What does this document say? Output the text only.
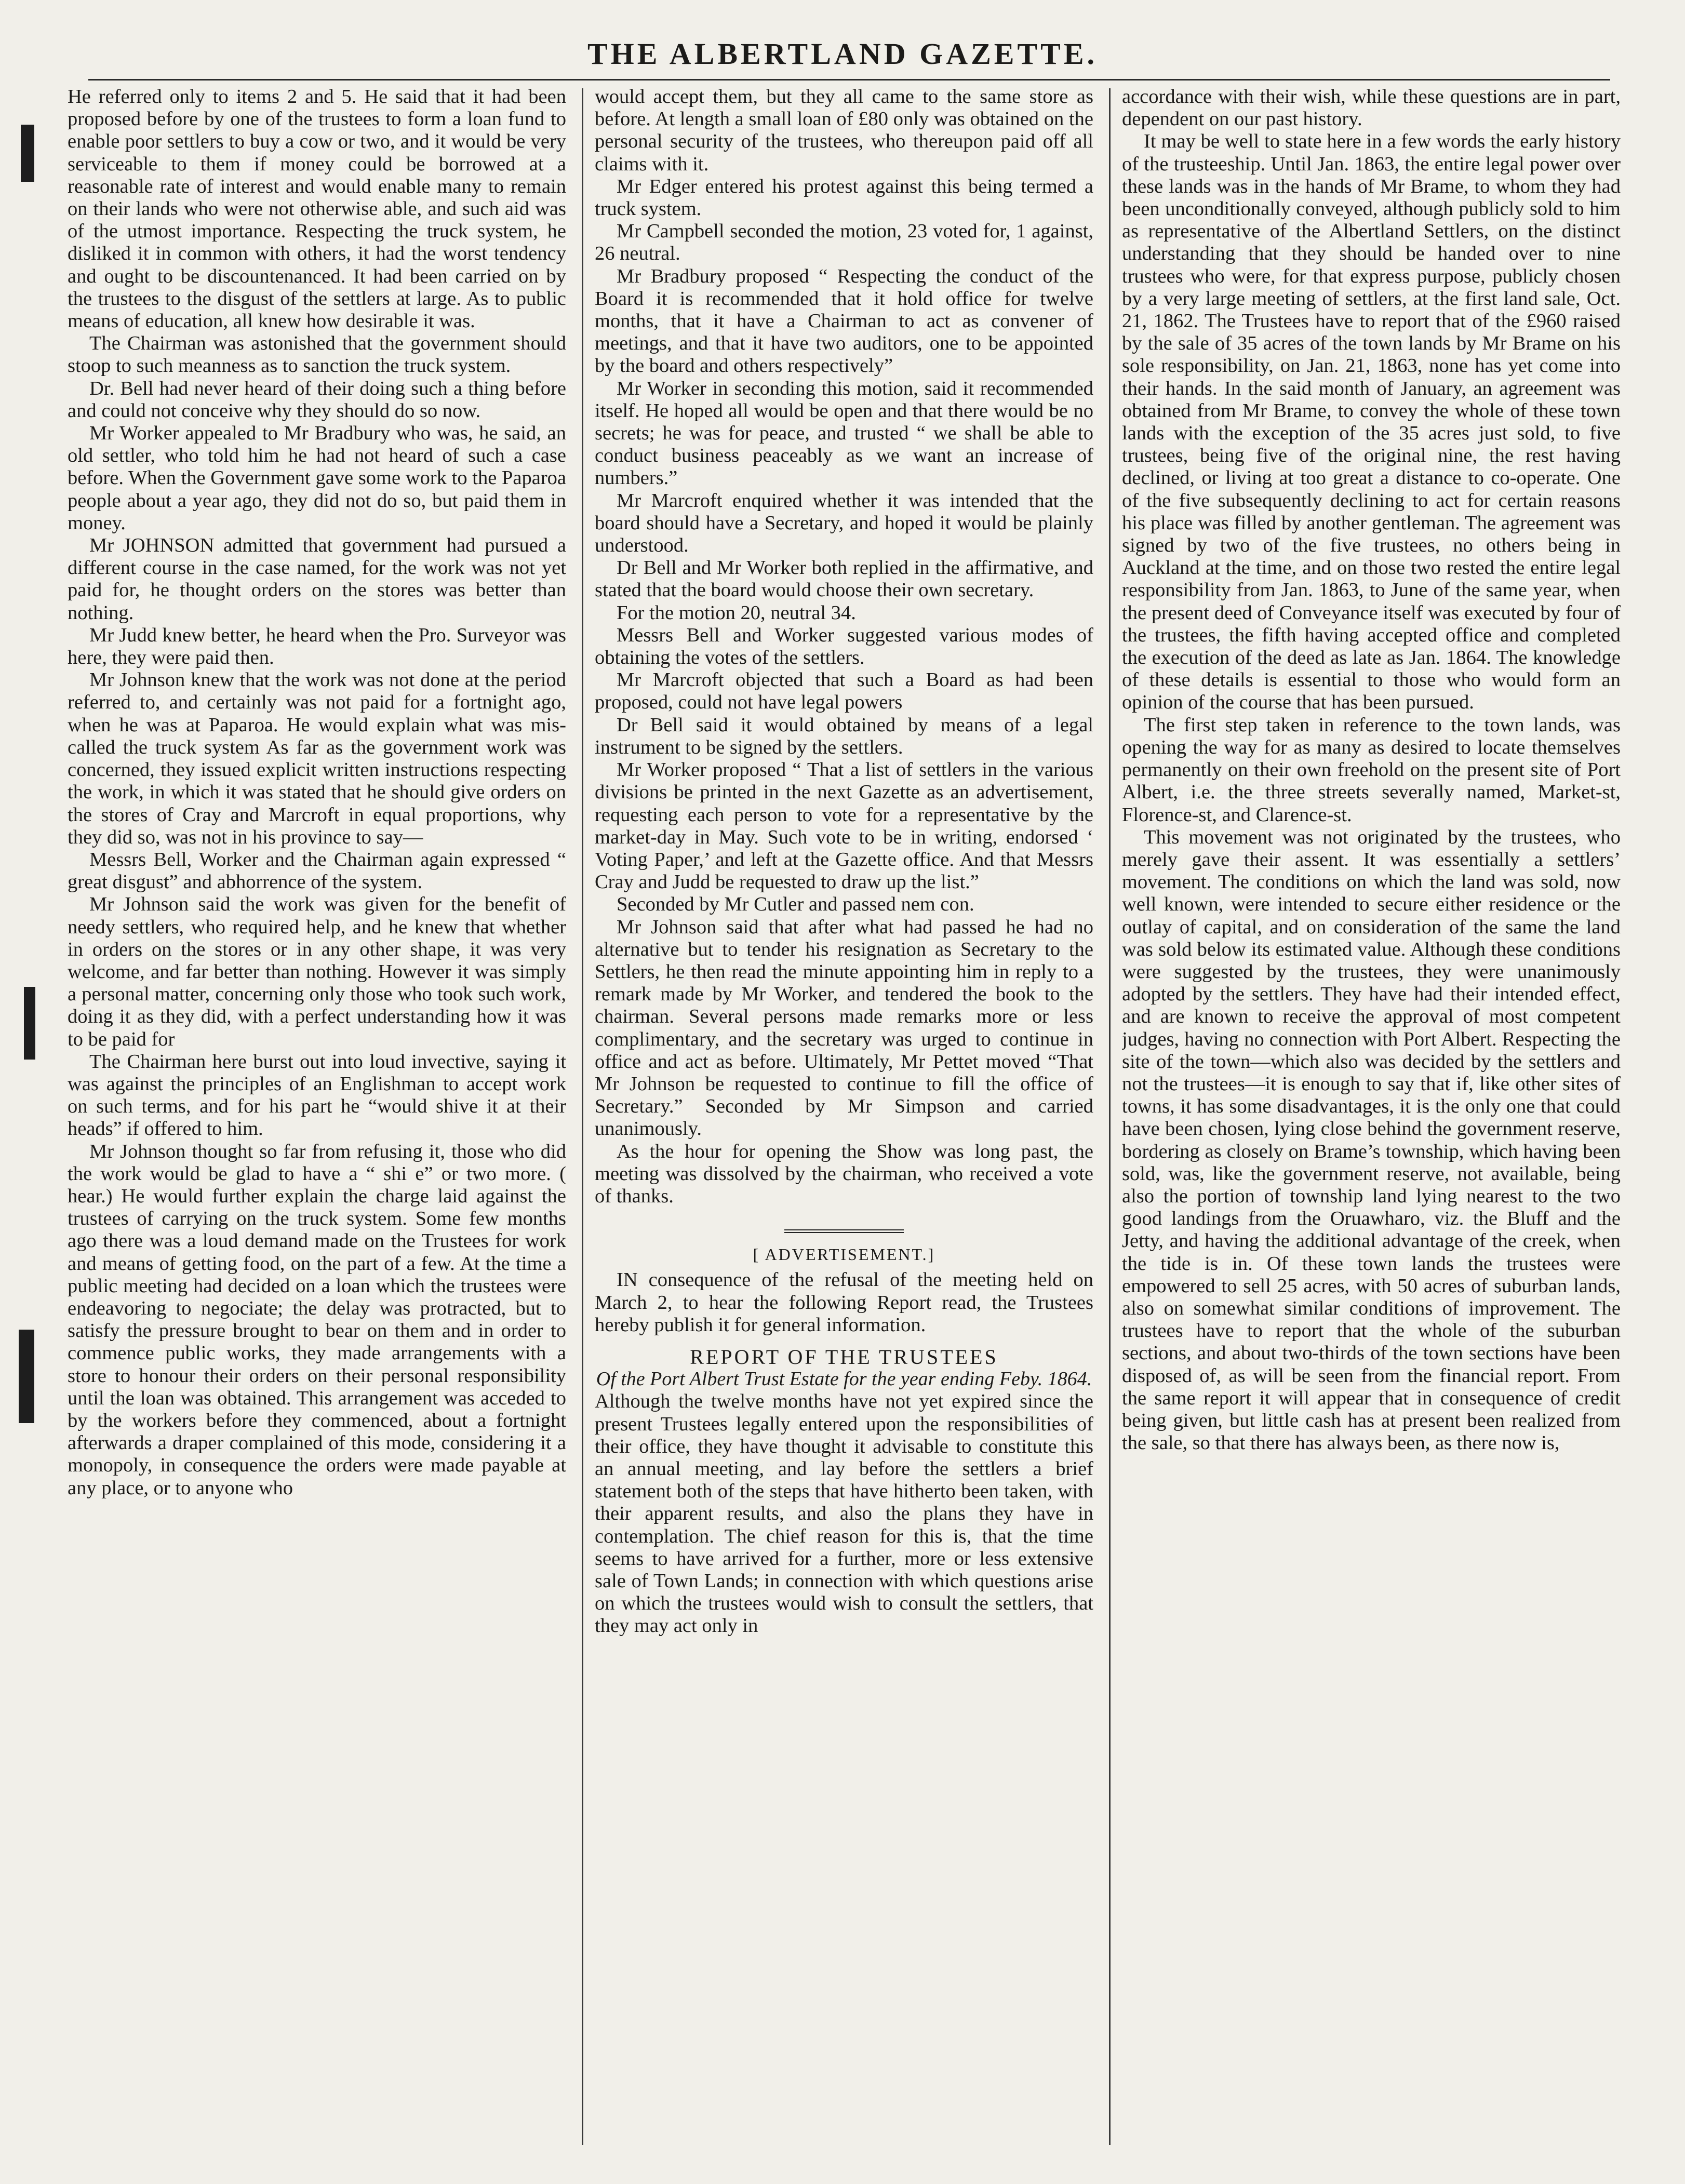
THE ALBERTLAND GAZETTE.

He referred only to items 2 and 5. He said that it had been proposed before by one of the trustees to form a loan fund to enable poor settlers to buy a cow or two, and it would be very serviceable to them if money could be borrowed at a reasonable rate of interest and would enable many to remain on their lands who were not otherwise able, and such aid was of the utmost importance. Respecting the truck system, he disliked it in common with others, it had the worst tendency and ought to be discountenanced. It had been carried on by the trustees to the disgust of the settlers at large. As to public means of education, all knew how desirable it was.

The Chairman was astonished that the government should stoop to such meanness as to sanction the truck system.

Dr. Bell had never heard of their doing such a thing before and could not conceive why they should do so now.

Mr Worker appealed to Mr Bradbury who was, he said, an old settler, who told him he had not heard of such a case before. When the Government gave some work to the Paparoa people about a year ago, they did not do so, but paid them in money.

Mr JOHNSON admitted that government had pursued a different course in the case named, for the work was not yet paid for, he thought orders on the stores was better than nothing.

Mr Judd knew better, he heard when the Pro. Surveyor was here, they were paid then.

Mr Johnson knew that the work was not done at the period referred to, and certainly was not paid for a fortnight ago, when he was at Paparoa. He would explain what was mis-called the truck system As far as the government work was concerned, they issued explicit written instructions respecting the work, in which it was stated that he should give orders on the stores of Cray and Marcroft in equal proportions, why they did so, was not in his province to say—

Messrs Bell, Worker and the Chairman again expressed “ great disgust” and abhorrence of the system.

Mr Johnson said the work was given for the benefit of needy settlers, who required help, and he knew that whether in orders on the stores or in any other shape, it was very welcome, and far better than nothing. However it was simply a personal matter, concerning only those who took such work, doing it as they did, with a perfect understanding how it was to be paid for

The Chairman here burst out into loud invective, saying it was against the principles of an Englishman to accept work on such terms, and for his part he “would shive it at their heads” if offered to him.

Mr Johnson thought so far from refusing it, those who did the work would be glad to have a “ shi e” or two more. ( hear.) He would further explain the charge laid against the trustees of carrying on the truck system. Some few months ago there was a loud demand made on the Trustees for work and means of getting food, on the part of a few. At the time a public meeting had decided on a loan which the trustees were endeavoring to negociate; the delay was protracted, but to satisfy the pressure brought to bear on them and in order to commence public works, they made arrangements with a store to honour their orders on their personal responsibility until the loan was obtained. This arrangement was acceded to by the workers before they commenced, about a fortnight afterwards a draper complained of this mode, considering it a monopoly, in consequence the orders were made payable at any place, or to anyone who

would accept them, but they all came to the same store as before. At length a small loan of £80 only was obtained on the personal security of the trustees, who thereupon paid off all claims with it.

Mr Edger entered his protest against this being termed a truck system.

Mr Campbell seconded the motion, 23 voted for, 1 against, 26 neutral.

Mr Bradbury proposed “ Respecting the conduct of the Board it is recommended that it hold office for twelve months, that it have a Chairman to act as convener of meetings, and that it have two auditors, one to be appointed by the board and others respectively”

Mr Worker in seconding this motion, said it recommended itself. He hoped all would be open and that there would be no secrets; he was for peace, and trusted “ we shall be able to conduct business peaceably as we want an increase of numbers.”

Mr Marcroft enquired whether it was intended that the board should have a Secretary, and hoped it would be plainly understood.

Dr Bell and Mr Worker both replied in the affirmative, and stated that the board would choose their own secretary.

For the motion 20, neutral 34.

Messrs Bell and Worker suggested various modes of obtaining the votes of the settlers.

Mr Marcroft objected that such a Board as had been proposed, could not have legal powers

Dr Bell said it would obtained by means of a legal instrument to be signed by the settlers.

Mr Worker proposed “ That a list of settlers in the various divisions be printed in the next Gazette as an advertisement, requesting each person to vote for a representative by the market-day in May. Such vote to be in writing, endorsed ‘ Voting Paper,’ and left at the Gazette office. And that Messrs Cray and Judd be requested to draw up the list.”

Seconded by Mr Cutler and passed nem con.

Mr Johnson said that after what had passed he had no alternative but to tender his resignation as Secretary to the Settlers, he then read the minute appointing him in reply to a remark made by Mr Worker, and tendered the book to the chairman. Several persons made remarks more or less complimentary, and the secretary was urged to continue in office and act as before. Ultimately, Mr Pettet moved “That Mr Johnson be requested to continue to fill the office of Secretary.” Seconded by Mr Simpson and carried unanimously.

As the hour for opening the Show was long past, the meeting was dissolved by the chairman, who received a vote of thanks.

[ ADVERTISEMENT.]

IN consequence of the refusal of the meeting held on March 2, to hear the following Report read, the Trustees hereby publish it for general information.

REPORT OF THE TRUSTEES
Of the Port Albert Trust Estate for the year ending Feby. 1864.

Although the twelve months have not yet expired since the present Trustees legally entered upon the responsibilities of their office, they have thought it advisable to constitute this an annual meeting, and lay before the settlers a brief statement both of the steps that have hitherto been taken, with their apparent results, and also the plans they have in contemplation. The chief reason for this is, that the time seems to have arrived for a further, more or less extensive sale of Town Lands; in connection with which questions arise on which the trustees would wish to consult the settlers, that they may act only in

accordance with their wish, while these questions are in part, dependent on our past history.

It may be well to state here in a few words the early history of the trusteeship. Until Jan. 1863, the entire legal power over these lands was in the hands of Mr Brame, to whom they had been unconditionally conveyed, although publicly sold to him as representative of the Albertland Settlers, on the distinct understanding that they should be handed over to nine trustees who were, for that express purpose, publicly chosen by a very large meeting of settlers, at the first land sale, Oct. 21, 1862. The Trustees have to report that of the £960 raised by the sale of 35 acres of the town lands by Mr Brame on his sole responsibility, on Jan. 21, 1863, none has yet come into their hands. In the said month of January, an agreement was obtained from Mr Brame, to convey the whole of these town lands with the exception of the 35 acres just sold, to five trustees, being five of the original nine, the rest having declined, or living at too great a distance to co-operate. One of the five subsequently declining to act for certain reasons his place was filled by another gentleman. The agreement was signed by two of the five trustees, no others being in Auckland at the time, and on those two rested the entire legal responsibility from Jan. 1863, to June of the same year, when the present deed of Conveyance itself was executed by four of the trustees, the fifth having accepted office and completed the execution of the deed as late as Jan. 1864. The knowledge of these details is essential to those who would form an opinion of the course that has been pursued.

The first step taken in reference to the town lands, was opening the way for as many as desired to locate themselves permanently on their own freehold on the present site of Port Albert, i.e. the three streets severally named, Market-st, Florence-st, and Clarence-st.

This movement was not originated by the trustees, who merely gave their assent. It was essentially a settlers’ movement. The conditions on which the land was sold, now well known, were intended to secure either residence or the outlay of capital, and on consideration of the same the land was sold below its estimated value. Although these conditions were suggested by the trustees, they were unanimously adopted by the settlers. They have had their intended effect, and are known to receive the approval of most competent judges, having no connection with Port Albert. Respecting the site of the town—which also was decided by the settlers and not the trustees—it is enough to say that if, like other sites of towns, it has some disadvantages, it is the only one that could have been chosen, lying close behind the government reserve, bordering as closely on Brame’s township, which having been sold, was, like the government reserve, not available, being also the portion of township land lying nearest to the two good landings from the Oruawharo, viz. the Bluff and the Jetty, and having the additional advantage of the creek, when the tide is in. Of these town lands the trustees were empowered to sell 25 acres, with 50 acres of suburban lands, also on somewhat similar conditions of improvement. The trustees have to report that the whole of the suburban sections, and about two-thirds of the town sections have been disposed of, as will be seen from the financial report. From the same report it will appear that in consequence of credit being given, but little cash has at present been realized from the sale, so that there has always been, as there now is,
